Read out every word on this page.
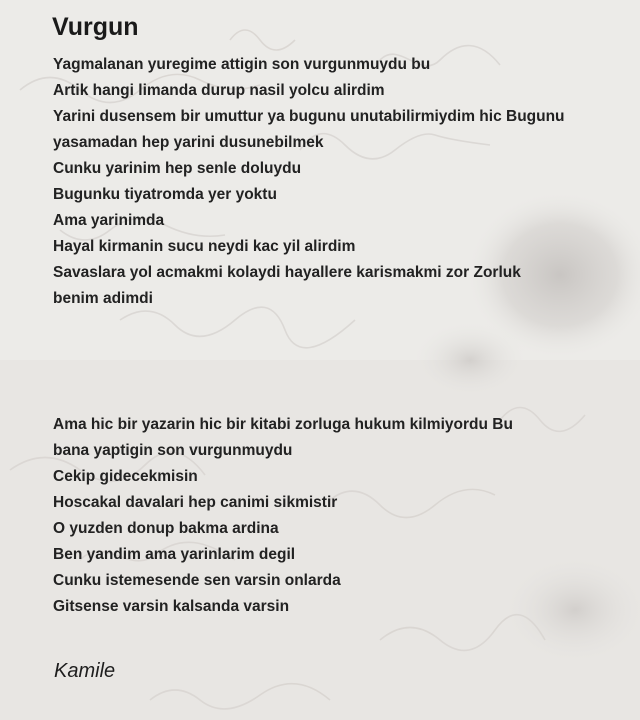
Vurgun
Yagmalanan yuregime attigin son vurgunmuydu bu
Artik hangi limanda durup nasil yolcu alirdim
Yarini dusensem bir umuttur ya bugunu unutabilirmiydim hic Bugunu
yasamadan hep yarini dusunebilmek
Cunku yarinim hep senle doluydu
Bugunku tiyatromda yer yoktu
Ama yarinimda
Hayal kirmanin sucu neydi kac yil alirdim
Savaslara yol acmakmi kolaydi hayallere karismakmi zor Zorluk
benim adimdi
Ama hic bir yazarin hic bir kitabi zorluga hukum kilmiyordu Bu
bana yaptigin son vurgunmuydu
Cekip gidecekmisin
Hoscakal davalari hep canimi sikmistir
O yuzden donup bakma ardina
Ben yandim ama yarinlarim degil
Cunku istemesende sen varsin onlarda
Gitsense varsin kalsanda varsin
Kamile
